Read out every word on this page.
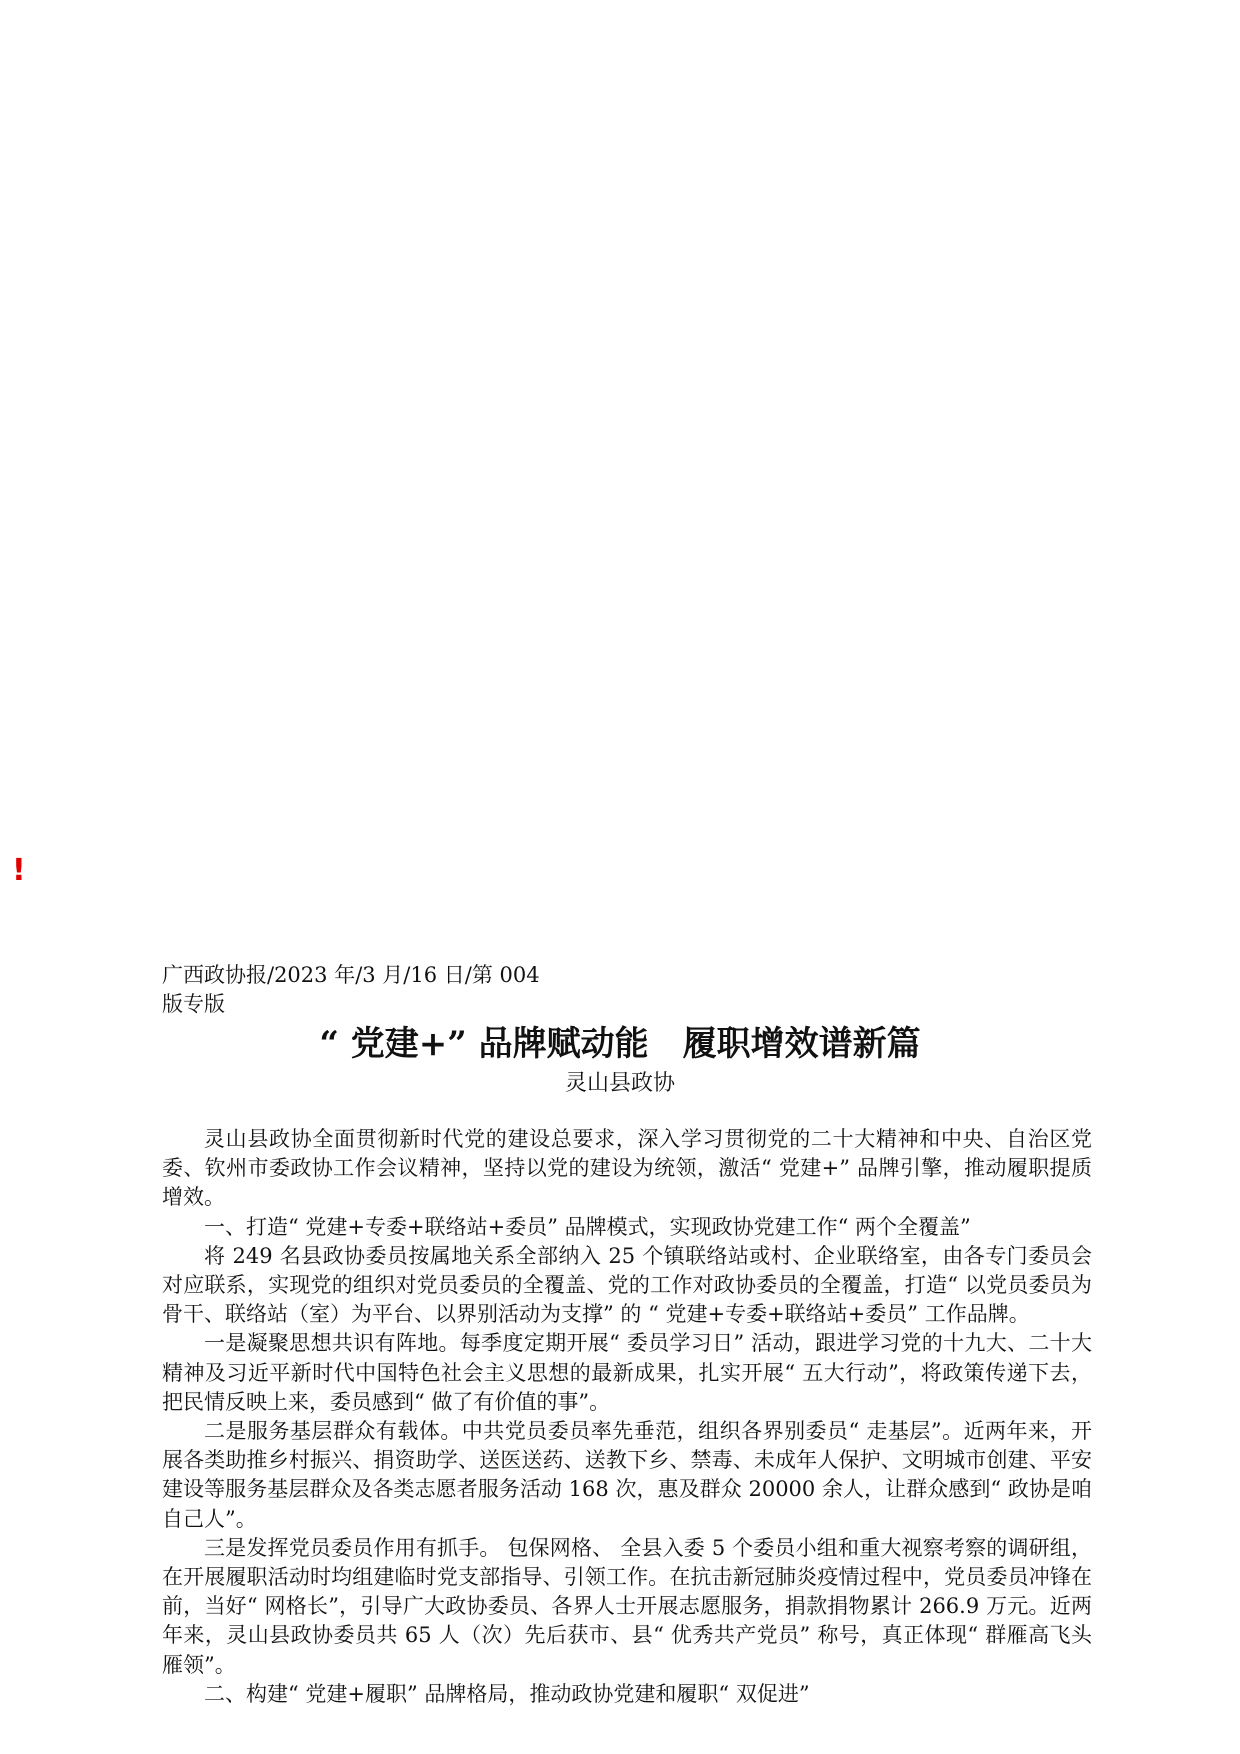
!
广西政协报/2023 年/3 月/16 日/第 004
版专版
“ 党建+” 品牌赋动能　履职增效谱新篇
灵山县政协

灵山县政协全面贯彻新时代党的建设总要求，深入学习贯彻党的二十大精神和中央、自治区党委、钦州市委政协工作会议精神，坚持以党的建设为统领，激活“ 党建+” 品牌引擎，推动履职提质增效。

一、打造“ 党建+专委+联络站+委员” 品牌模式，实现政协党建工作“ 两个全覆盖”

将 249 名县政协委员按属地关系全部纳入 25 个镇联络站或村、企业联络室，由各专门委员会对应联系，实现党的组织对党员委员的全覆盖、党的工作对政协委员的全覆盖，打造“ 以党员委员为骨干、联络站（室）为平台、以界别活动为支撑” 的 “ 党建+专委+联络站+委员” 工作品牌。

一是凝聚思想共识有阵地。每季度定期开展“ 委员学习日” 活动，跟进学习党的十九大、二十大精神及习近平新时代中国特色社会主义思想的最新成果，扎实开展“ 五大行动”，将政策传递下去，把民情反映上来，委员感到“ 做了有价值的事”。

二是服务基层群众有载体。中共党员委员率先垂范，组织各界别委员“ 走基层”。近两年来，开展各类助推乡村振兴、捐资助学、送医送药、送教下乡、禁毒、未成年人保护、文明城市创建、平安建设等服务基层群众及各类志愿者服务活动 168 次，惠及群众 20000 余人，让群众感到“ 政协是咱自己人”。

三是发挥党员委员作用有抓手。 包保网格、 全县入委 5 个委员小组和重大视察考察的调研组，在开展履职活动时均组建临时党支部指导、引领工作。在抗击新冠肺炎疫情过程中，党员委员冲锋在前，当好“ 网格长”，引导广大政协委员、各界人士开展志愿服务，捐款捐物累计 266.9 万元。近两年来，灵山县政协委员共 65 人（次）先后获市、县“ 优秀共产党员” 称号，真正体现“ 群雁高飞头雁领”。

二、构建“ 党建+履职” 品牌格局，推动政协党建和履职“ 双促进”
